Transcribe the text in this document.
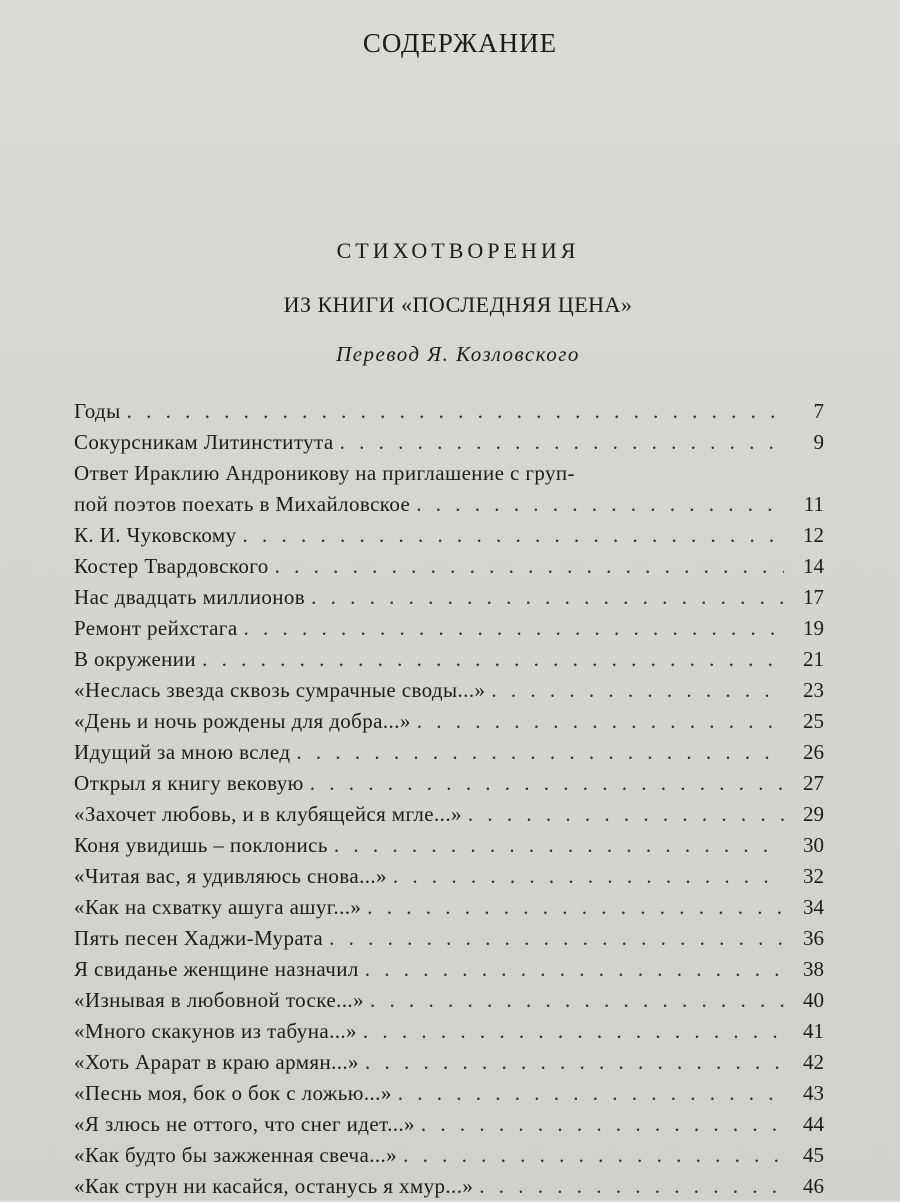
СОДЕРЖАНИЕ
СТИХОТВОРЕНИЯ
ИЗ КНИГИ «ПОСЛЕДНЯЯ ЦЕНА»
Перевод Я. Козловского
Годы . . .	7
Сокурсникам Литинститута . . .	9
Ответ Ираклию Андроникову на приглашение с груп-
пой поэтов поехать в Михайловское . . .	11
К. И. Чуковскому . . .	12
Костер Твардовского . . .	14
Нас двадцать миллионов . . .	17
Ремонт рейхстага . . .	19
В окружении . . .	21
«Неслась звезда сквозь сумрачные своды...» . . .	23
«День и ночь рождены для добра...» . . .	25
Идущий за мною вслед . . .	26
Открыл я книгу вековую . . .	27
«Захочет любовь, и в клубящейся мгле...» . . .	29
Коня увидишь – поклонись . . .	30
«Читая вас, я удивляюсь снова...» . . .	32
«Как на схватку ашуга ашуг...» . . .	34
Пять песен Хаджи-Мурата . . .	36
Я свиданье женщине назначил . . .	38
«Изнывая в любовной тоске...» . . .	40
«Много скакунов из табуна...» . . .	41
«Хоть Арарат в краю армян...» . . .	42
«Песнь моя, бок о бок с ложью...» . . .	43
«Я злюсь не оттого, что снег идет...» . . .	44
«Как будто бы зажженная свеча...» . . .	45
«Как струн ни касайся, останусь я хмур...» . . .	46
